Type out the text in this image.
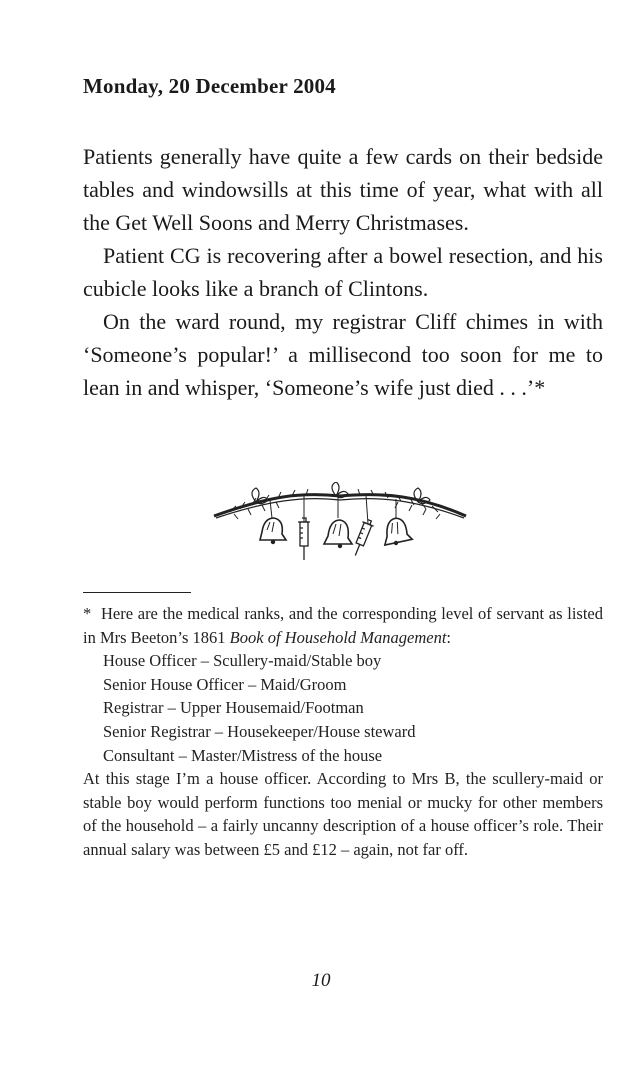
Monday, 20 December 2004

Patients generally have quite a few cards on their bedside tables and windowsills at this time of year, what with all the Get Well Soons and Merry Christmases.

Patient CG is recovering after a bowel resection, and his cubicle looks like a branch of Clintons.

On the ward round, my registrar Cliff chimes in with ‘Someone’s popular!’ a millisecond too soon for me to lean in and whisper, ‘Someone’s wife just died . . .’*

* Here are the medical ranks, and the corresponding level of servant as listed in Mrs Beeton’s 1861 Book of Household Management:

House Officer – Scullery-maid/Stable boy
Senior House Officer – Maid/Groom
Registrar – Upper Housemaid/Footman
Senior Registrar – Housekeeper/House steward
Consultant – Master/Mistress of the house

At this stage I’m a house officer. According to Mrs B, the scullery-maid or stable boy would perform functions too menial or mucky for other members of the household – a fairly uncanny description of a house officer’s role. Their annual salary was between £5 and £12 – again, not far off.

10
